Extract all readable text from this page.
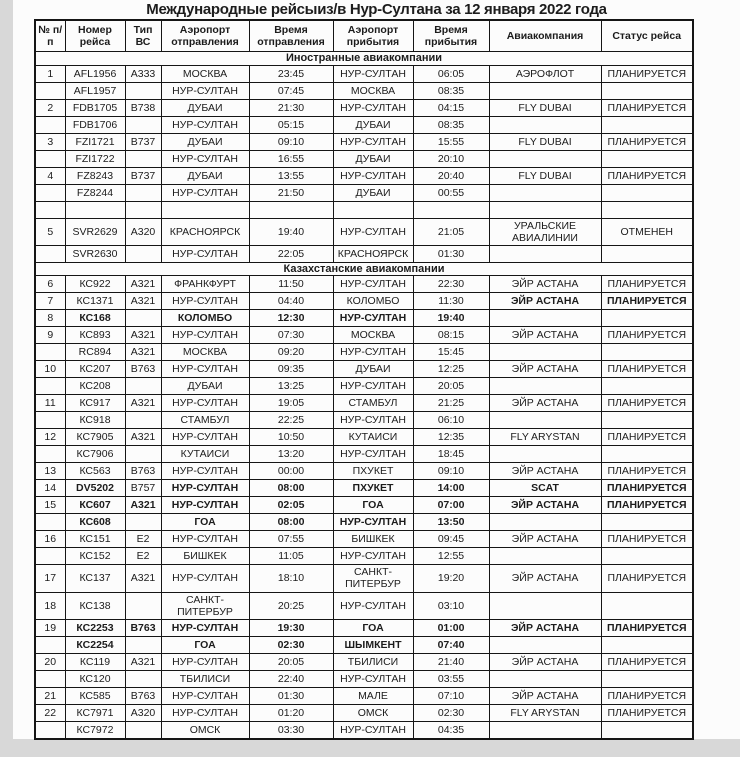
Международные рейсыиз/в Нур-Султана за 12 января 2022 года
№ п/ п	Номер рейса	Тип ВС	Аэропорт отправления	Время отправления	Аэропорт прибытия	Время прибытия	Авиакомпания	Статус рейса
Иностранные авиакомпании								
1	AFL1956	A333	МОСКВА	23:45	НУР-СУЛТАН	06:05	АЭРОФЛОТ	ПЛАНИРУЕТСЯ
	AFL1957		НУР-СУЛТАН	07:45	МОСКВА	08:35		
2	FDB1705	B738	ДУБАИ	21:30	НУР-СУЛТАН	04:15	FLY DUBAI	ПЛАНИРУЕТСЯ
	FDB1706		НУР-СУЛТАН	05:15	ДУБАИ	08:35		
3	FZI1721	B737	ДУБАИ	09:10	НУР-СУЛТАН	15:55	FLY DUBAI	ПЛАНИРУЕТСЯ
	FZI1722		НУР-СУЛТАН	16:55	ДУБАИ	20:10		
4	FZ8243	B737	ДУБАИ	13:55	НУР-СУЛТАН	20:40	FLY DUBAI	ПЛАНИРУЕТСЯ
	FZ8244		НУР-СУЛТАН	21:50	ДУБАИ	00:55		

5	SVR2629	A320	КРАСНОЯРСК	19:40	НУР-СУЛТАН	21:05	УРАЛЬСКИЕ АВИАЛИНИИ	ОТМЕНЕН
	SVR2630		НУР-СУЛТАН	22:05	КРАСНОЯРСК	01:30		
Казахстанские авиакомпании								
6	КС922	А321	ФРАНКФУРТ	11:50	НУР-СУЛТАН	22:30	ЭЙР АСТАНА	ПЛАНИРУЕТСЯ
7	КС1371	А321	НУР-СУЛТАН	04:40	КОЛОМБО	11:30	ЭЙР АСТАНА	ПЛАНИРУЕТСЯ
8	КС168		КОЛОМБО	12:30	НУР-СУЛТАН	19:40		
9	КС893	А321	НУР-СУЛТАН	07:30	МОСКВА	08:15	ЭЙР АСТАНА	ПЛАНИРУЕТСЯ
	RC894	А321	МОСКВА	09:20	НУР-СУЛТАН	15:45		
10	КС207	В763	НУР-СУЛТАН	09:35	ДУБАИ	12:25	ЭЙР АСТАНА	ПЛАНИРУЕТСЯ
	КС208		ДУБАИ	13:25	НУР-СУЛТАН	20:05		
11	КС917	А321	НУР-СУЛТАН	19:05	СТАМБУЛ	21:25	ЭЙР АСТАНА	ПЛАНИРУЕТСЯ
	КС918		СТАМБУЛ	22:25	НУР-СУЛТАН	06:10		
12	КС7905	А321	НУР-СУЛТАН	10:50	КУТАИСИ	12:35	FLY ARYSTAN	ПЛАНИРУЕТСЯ
	КС7906		КУТАИСИ	13:20	НУР-СУЛТАН	18:45		
13	КС563	В763	НУР-СУЛТАН	00:00	ПХУКЕТ	09:10	ЭЙР АСТАНА	ПЛАНИРУЕТСЯ
14	DV5202	В757	НУР-СУЛТАН	08:00	ПХУКЕТ	14:00	SCAT	ПЛАНИРУЕТСЯ
15	КС607	А321	НУР-СУЛТАН	02:05	ГОА	07:00	ЭЙР АСТАНА	ПЛАНИРУЕТСЯ
	КС608		ГОА	08:00	НУР-СУЛТАН	13:50		
16	КС151	Е2	НУР-СУЛТАН	07:55	БИШКЕК	09:45	ЭЙР АСТАНА	ПЛАНИРУЕТСЯ
	КС152	Е2	БИШКЕК	11:05	НУР-СУЛТАН	12:55		
17	КС137	А321	НУР-СУЛТАН	18:10	САНКТ-ПИТЕРБУР	19:20	ЭЙР АСТАНА	ПЛАНИРУЕТСЯ
18	КС138		САНКТ-ПИТЕРБУР	20:25	НУР-СУЛТАН	03:10		
19	КС2253	В763	НУР-СУЛТАН	19:30	ГОА	01:00	ЭЙР АСТАНА	ПЛАНИРУЕТСЯ
	КС2254		ГОА	02:30	ШЫМКЕНТ	07:40		
20	КС119	А321	НУР-СУЛТАН	20:05	ТБИЛИСИ	21:40	ЭЙР АСТАНА	ПЛАНИРУЕТСЯ
	КС120		ТБИЛИСИ	22:40	НУР-СУЛТАН	03:55		
21	КС585	В763	НУР-СУЛТАН	01:30	МАЛЕ	07:10	ЭЙР АСТАНА	ПЛАНИРУЕТСЯ
22	КС7971	А320	НУР-СУЛТАН	01:20	ОМСК	02:30	FLY ARYSTAN	ПЛАНИРУЕТСЯ
	КС7972		ОМСК	03:30	НУР-СУЛТАН	04:35		
